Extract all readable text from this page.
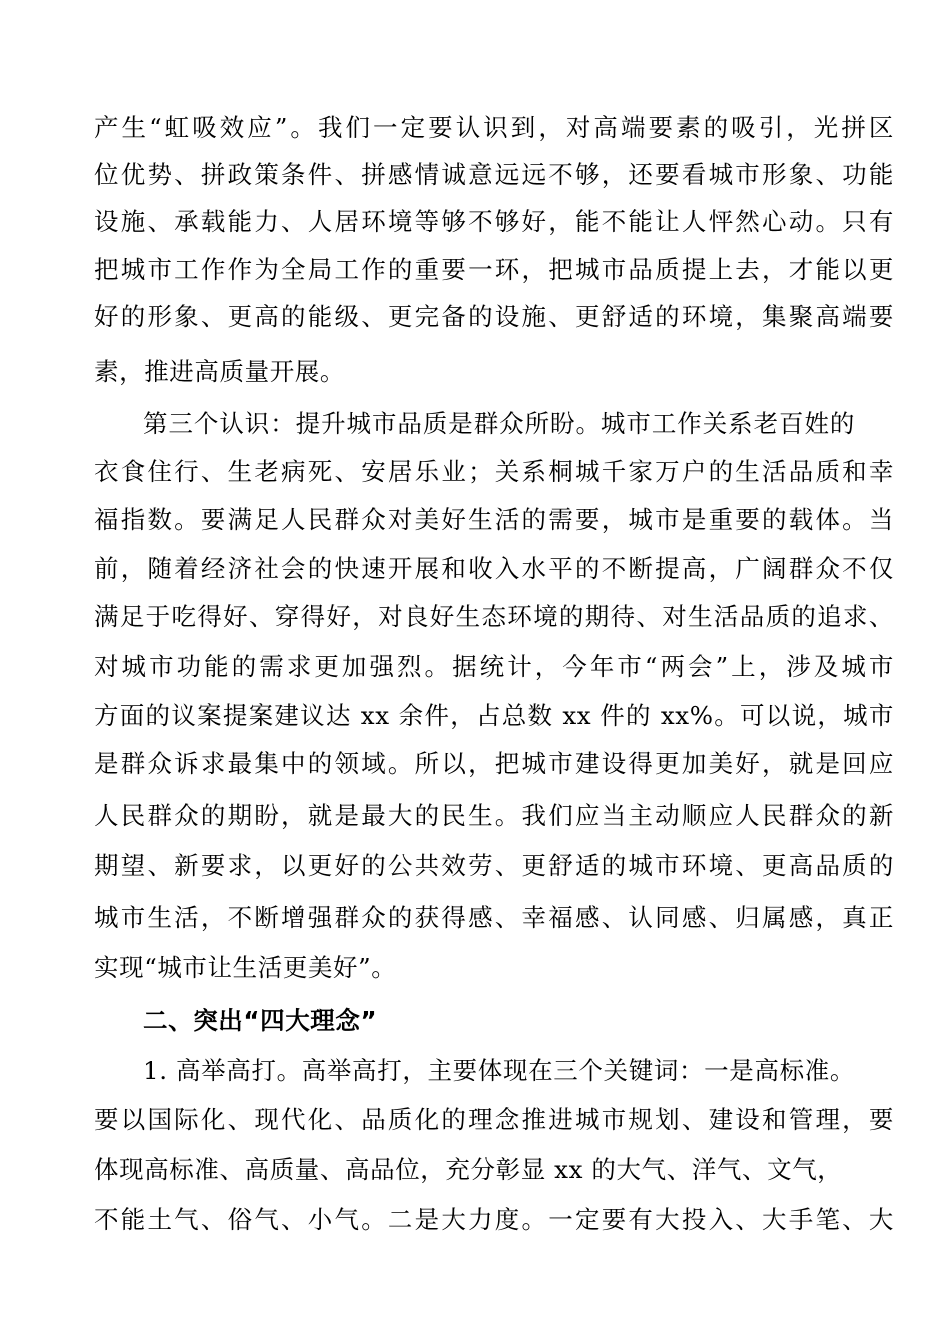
产生“虹吸效应”。我们一定要认识到，对高端要素的吸引，光拼区
位优势、拼政策条件、拼感情诚意远远不够，还要看城市形象、功能
设施、承载能力、人居环境等够不够好，能不能让人怦然心动。只有
把城市工作作为全局工作的重要一环，把城市品质提上去，才能以更
好的形象、更高的能级、更完备的设施、更舒适的环境，集聚高端要
素，推进高质量开展。
第三个认识：提升城市品质是群众所盼。城市工作关系老百姓的
衣食住行、生老病死、安居乐业；关系桐城千家万户的生活品质和幸
福指数。要满足人民群众对美好生活的需要，城市是重要的载体。当
前，随着经济社会的快速开展和收入水平的不断提高，广阔群众不仅
满足于吃得好、穿得好，对良好生态环境的期待、对生活品质的追求、
对城市功能的需求更加强烈。据统计，今年市“两会”上，涉及城市
方面的议案提案建议达 xx 余件，占总数 xx 件的 xx%。可以说，城市
是群众诉求最集中的领域。所以，把城市建设得更加美好，就是回应
人民群众的期盼，就是最大的民生。我们应当主动顺应人民群众的新
期望、新要求，以更好的公共效劳、更舒适的城市环境、更高品质的
城市生活，不断增强群众的获得感、幸福感、认同感、归属感，真正
实现“城市让生活更美好”。
二、突出“四大理念”
1. 高举高打。高举高打，主要体现在三个关键词：一是高标准。
要以国际化、现代化、品质化的理念推进城市规划、建设和管理，要
体现高标准、高质量、高品位，充分彰显 xx 的大气、洋气、文气，
不能土气、俗气、小气。二是大力度。一定要有大投入、大手笔、大
